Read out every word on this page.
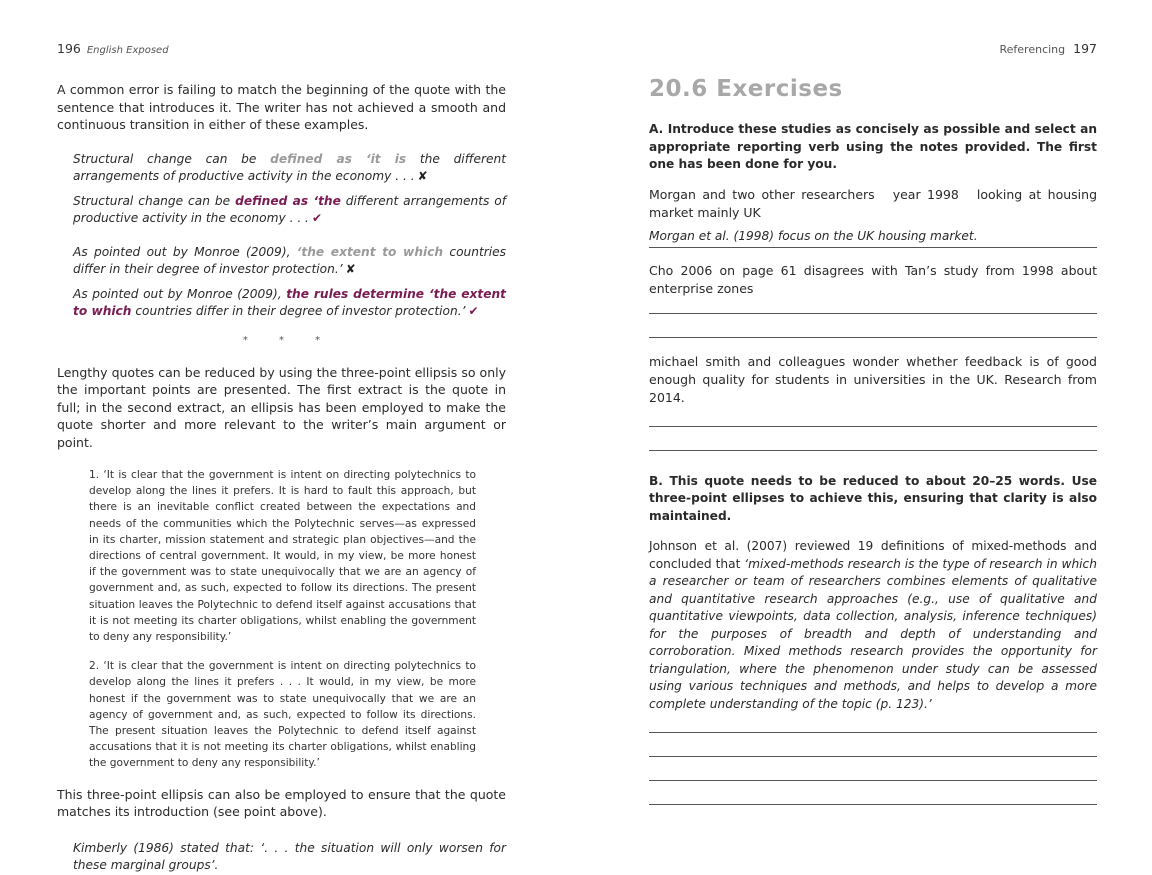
196 English Exposed

A common error is failing to match the beginning of the quote with the sentence that introduces it. The writer has not achieved a smooth and continuous transition in either of these examples.

Structural change can be defined as ‘it is the different arrangements of productive activity in the economy . . . ✘

Structural change can be defined as ‘the different arrangements of productive activity in the economy . . . ✔

As pointed out by Monroe (2009), ‘the extent to which countries differ in their degree of investor protection.’ ✘

As pointed out by Monroe (2009), the rules determine ‘the extent to which countries differ in their degree of investor protection.’ ✔

* * *

Lengthy quotes can be reduced by using the three-point ellipsis so only the important points are presented. The first extract is the quote in full; in the second extract, an ellipsis has been employed to make the quote shorter and more relevant to the writer’s main argument or point.

1. ‘It is clear that the government is intent on directing polytechnics to develop along the lines it prefers. It is hard to fault this approach, but there is an inevitable conflict created between the expectations and needs of the communities which the Polytechnic serves—as expressed in its charter, mission statement and strategic plan objectives—and the directions of central government. It would, in my view, be more honest if the government was to state unequivocally that we are an agency of government and, as such, expected to follow its directions. The present situation leaves the Polytechnic to defend itself against accusations that it is not meeting its charter obligations, whilst enabling the government to deny any responsibility.’

2. ‘It is clear that the government is intent on directing polytechnics to develop along the lines it prefers . . . It would, in my view, be more honest if the government was to state unequivocally that we are an agency of government and, as such, expected to follow its directions. The present situation leaves the Polytechnic to defend itself against accusations that it is not meeting its charter obligations, whilst enabling the government to deny any responsibility.’

This three-point ellipsis can also be employed to ensure that the quote matches its introduction (see point above).

Kimberly (1986) stated that: ‘. . . the situation will only worsen for these marginal groups’.

Referencing 197
20.6 Exercises

A. Introduce these studies as concisely as possible and select an appropriate reporting verb using the notes provided. The first one has been done for you.

Morgan and two other researchers year 1998 looking at housing market mainly UK

Morgan et al. (1998) focus on the UK housing market.

Cho 2006 on page 61 disagrees with Tan’s study from 1998 about enterprise zones

michael smith and colleagues wonder whether feedback is of good enough quality for students in universities in the UK. Research from 2014.

B. This quote needs to be reduced to about 20–25 words. Use three-point ellipses to achieve this, ensuring that clarity is also maintained.

Johnson et al. (2007) reviewed 19 definitions of mixed-methods and concluded that ‘mixed-methods research is the type of research in which a researcher or team of researchers combines elements of qualitative and quantitative research approaches (e.g., use of qualitative and quantitative viewpoints, data collection, analysis, inference techniques) for the purposes of breadth and depth of understanding and corroboration. Mixed methods research provides the opportunity for triangulation, where the phenomenon under study can be assessed using various techniques and methods, and helps to develop a more complete understanding of the topic (p. 123).’
